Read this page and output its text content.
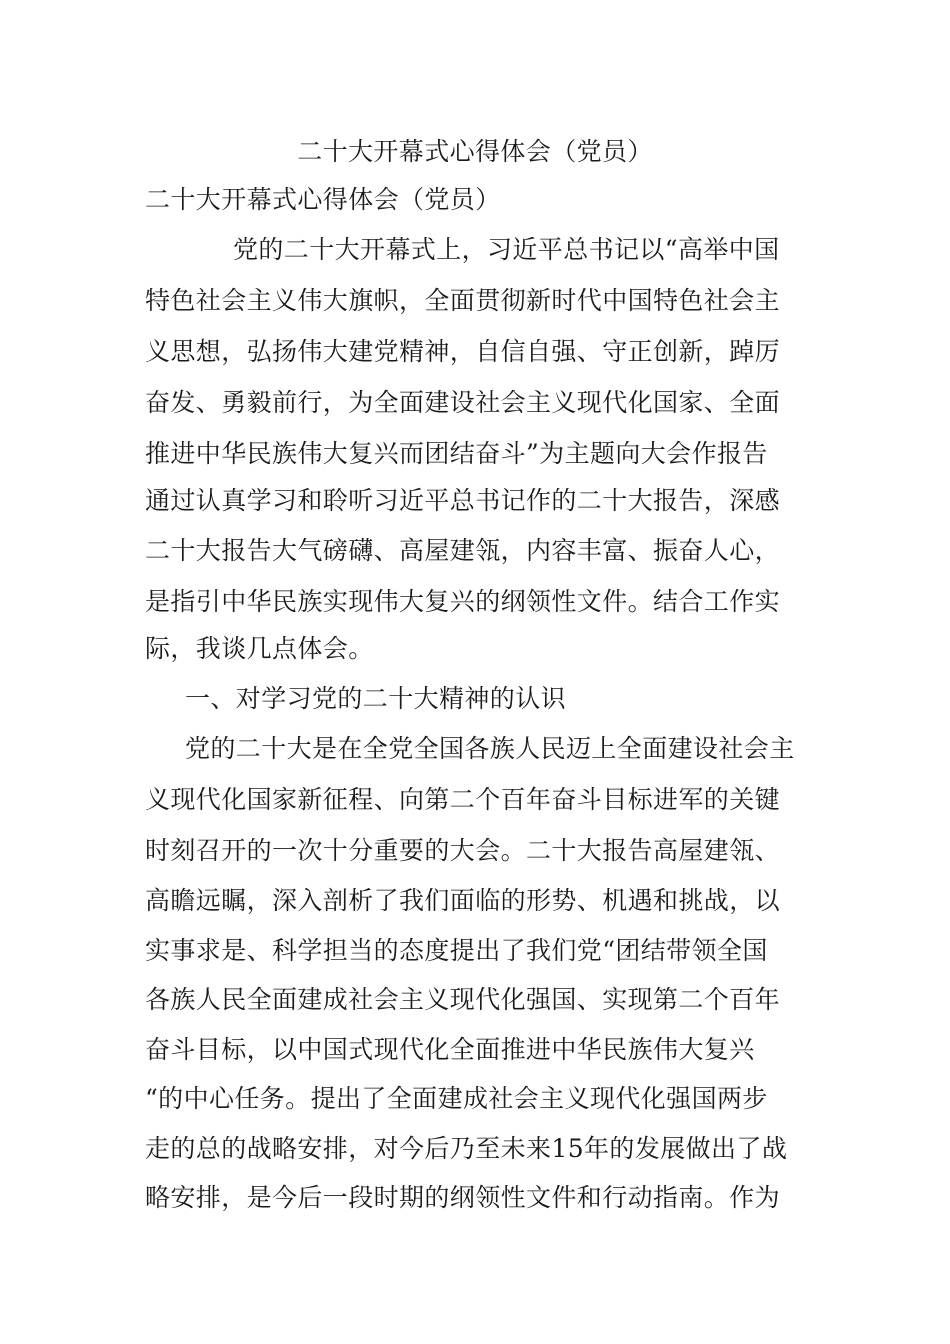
二十大开幕式心得体会（党员）
二十大开幕式心得体会（党员）
党的二十大开幕式上，习近平总书记以“高举中国
特色社会主义伟大旗帜，全面贯彻新时代中国特色社会主
义思想，弘扬伟大建党精神，自信自强、守正创新，踔厉
奋发、勇毅前行，为全面建设社会主义现代化国家、全面
推进中华民族伟大复兴而团结奋斗”为主题向大会作报告
通过认真学习和聆听习近平总书记作的二十大报告，深感
二十大报告大气磅礴、高屋建瓴，内容丰富、振奋人心，
是指引中华民族实现伟大复兴的纲领性文件。结合工作实
际，我谈几点体会。
一、对学习党的二十大精神的认识
党的二十大是在全党全国各族人民迈上全面建设社会主
义现代化国家新征程、向第二个百年奋斗目标进军的关键
时刻召开的一次十分重要的大会。二十大报告高屋建瓴、
高瞻远瞩，深入剖析了我们面临的形势、机遇和挑战，以
实事求是、科学担当的态度提出了我们党“团结带领全国
各族人民全面建成社会主义现代化强国、实现第二个百年
奋斗目标，以中国式现代化全面推进中华民族伟大复兴
“的中心任务。提出了全面建成社会主义现代化强国两步
走的总的战略安排，对今后乃至未来15年的发展做出了战
略安排，是今后一段时期的纲领性文件和行动指南。作为
